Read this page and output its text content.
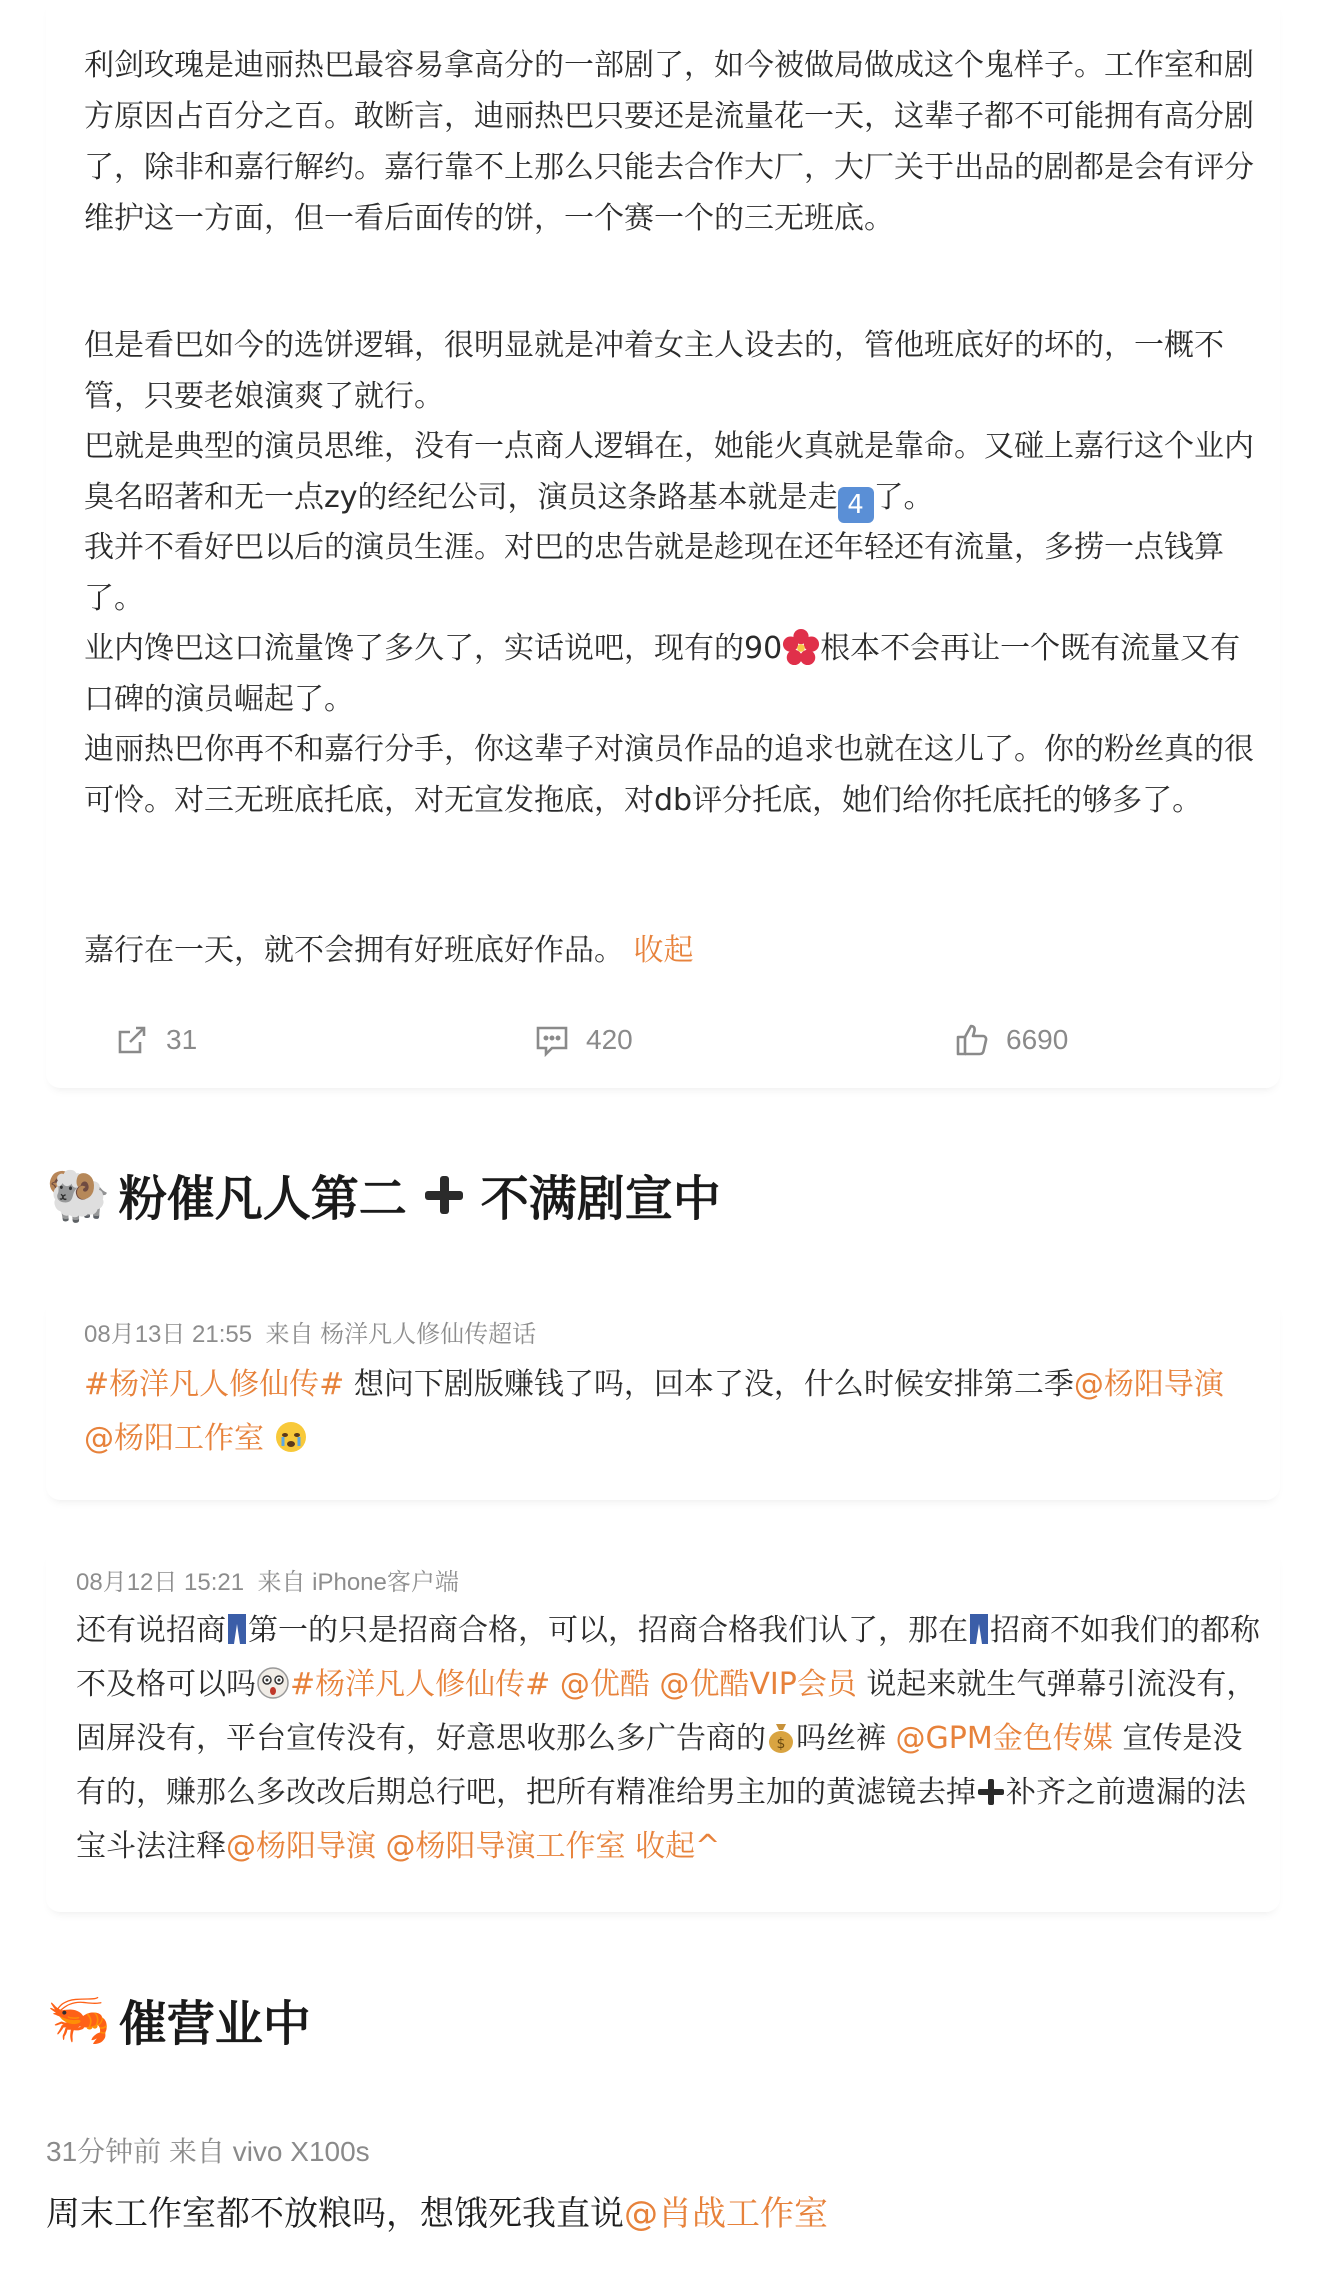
利剑玫瑰是迪丽热巴最容易拿高分的一部剧了，如今被做局做成这个鬼样子。工作室和剧方原因占百分之百。敢断言，迪丽热巴只要还是流量花一天，这辈子都不可能拥有高分剧了，除非和嘉行解约。嘉行靠不上那么只能去合作大厂，大厂关于出品的剧都是会有评分维护这一方面，但一看后面传的饼，一个赛一个的三无班底。

但是看巴如今的选饼逻辑，很明显就是冲着女主人设去的，管他班底好的坏的，一概不管，只要老娘演爽了就行。

巴就是典型的演员思维，没有一点商人逻辑在，她能火真就是靠命。又碰上嘉行这个业内臭名昭著和无一点zy的经纪公司，演员这条路基本就是走 4 了。

我并不看好巴以后的演员生涯。对巴的忠告就是趁现在还年轻还有流量，多捞一点钱算了。

业内馋巴这口流量馋了多久了，实话说吧，现有的90 根本不会再让一个既有流量又有口碑的演员崛起了。

迪丽热巴你再不和嘉行分手，你这辈子对演员作品的追求也就在这儿了。你的粉丝真的很可怜。对三无班底托底，对无宣发拖底，对db评分托底，她们给你托底托的够多了。

嘉行在一天，就不会拥有好班底好作品。 收起

31	420	6690
🐏 粉催凡人第二 不满剧宣中
08月13日 21:55 来自 杨洋凡人修仙传超话
#杨洋凡人修仙传# 想问下剧版赚钱了吗，回本了没，什么时候安排第二季@杨阳导演
@杨阳工作室
08月12日 15:21 来自 iPhone客户端
还有说招商 第一的只是招商合格，可以，招商合格我们认了，那在 招商不如我们的都称不及格可以吗 #杨洋凡人修仙传# @优酷 @优酷VIP会员 说起来就生气弹幕引流没有，固屏没有，平台宣传没有，好意思收那么多广告商的 $ 吗丝裤 @GPM金色传媒 宣传是没有的，赚那么多改改后期总行吧，把所有精准给男主加的黄滤镜去掉 补齐之前遗漏的法宝斗法注释@杨阳导演 @杨阳导演工作室 收起^
🦐 催营业中
31分钟前 来自 vivo X100s
周末工作室都不放粮吗，想饿死我直说@肖战工作室
